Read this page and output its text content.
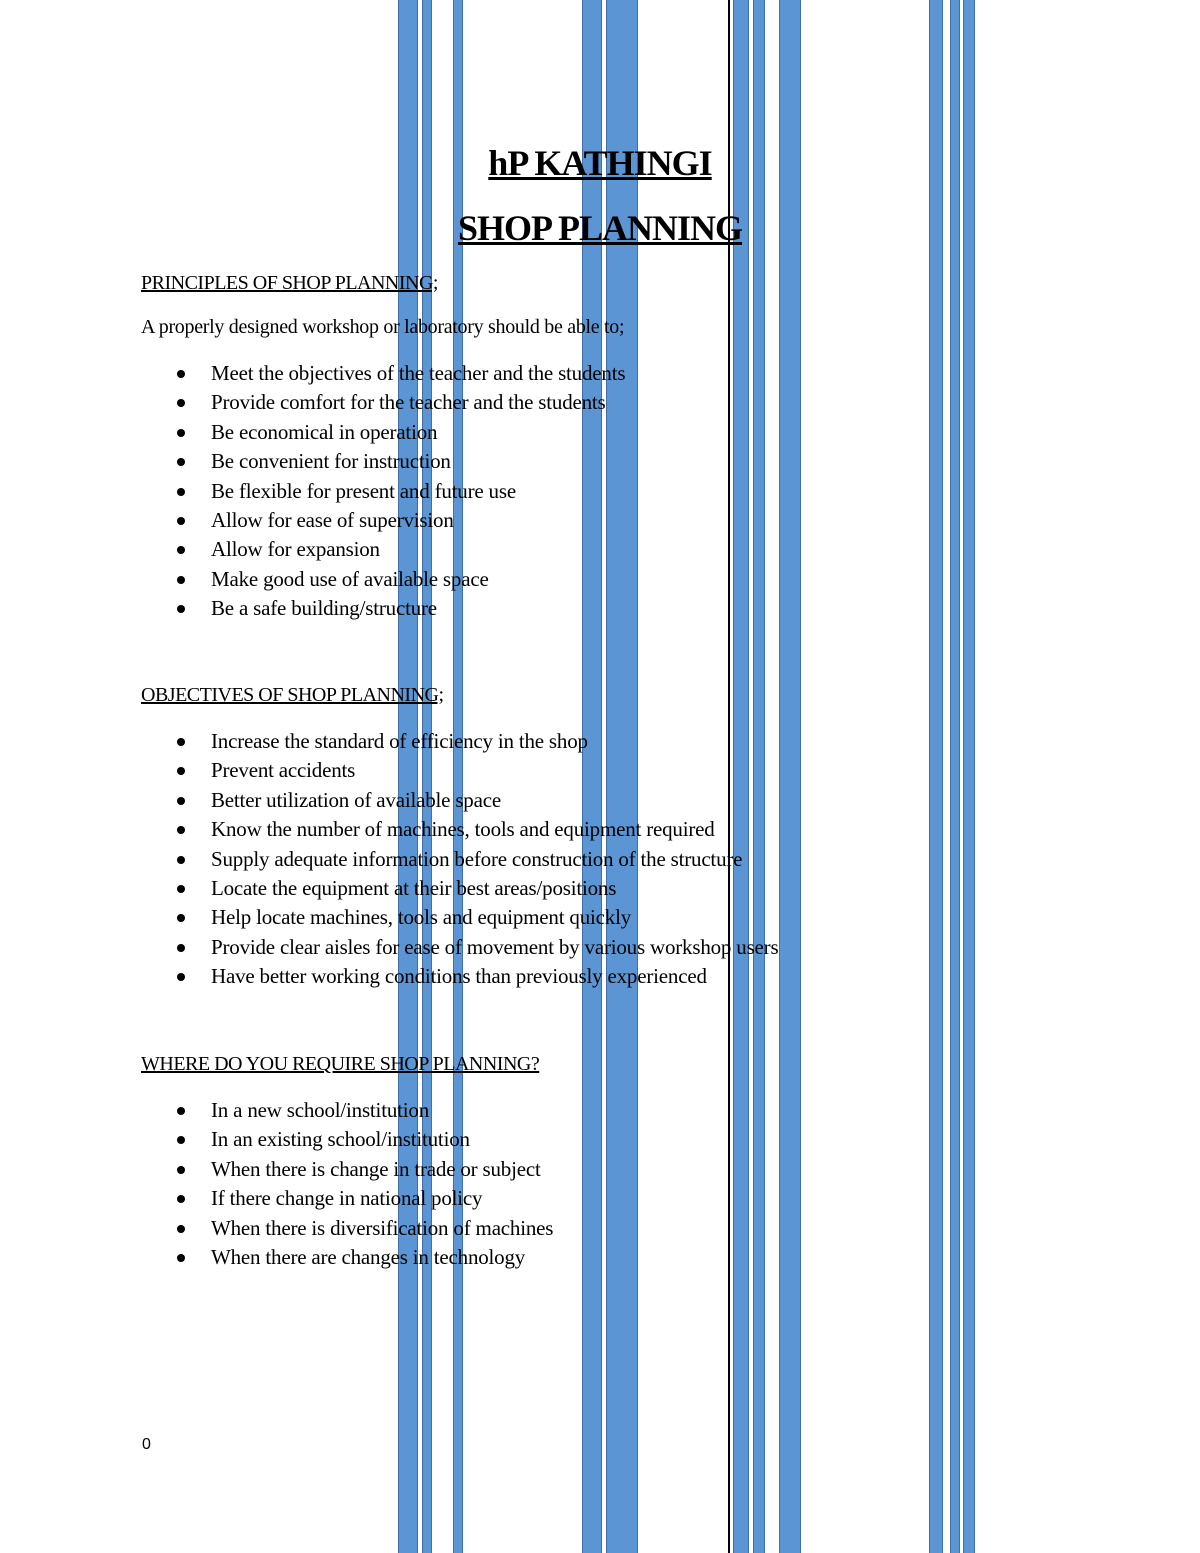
hP KATHINGI
SHOP PLANNING
PRINCIPLES OF SHOP PLANNING;
A properly designed workshop or laboratory should be able to;
Meet the objectives of the teacher and the students
Provide comfort for the teacher and the students
Be economical in operation
Be convenient for instruction
Be flexible for present and future use
Allow for ease of supervision
Allow for expansion
Make good use of available space
Be a safe building/structure
OBJECTIVES OF SHOP PLANNING;
Increase the standard of efficiency in the shop
Prevent accidents
Better utilization of available space
Know the number of machines, tools and equipment required
Supply adequate information before construction of the structure
Locate the equipment at their best areas/positions
Help locate machines, tools and equipment quickly
Provide clear aisles for ease of movement by various workshop users
Have better working conditions than previously experienced
WHERE DO YOU REQUIRE SHOP PLANNING?
In a new school/institution
In an existing school/institution
When there is change in trade or subject
If there change in national policy
When there is diversification of machines
When there are changes in technology
0
